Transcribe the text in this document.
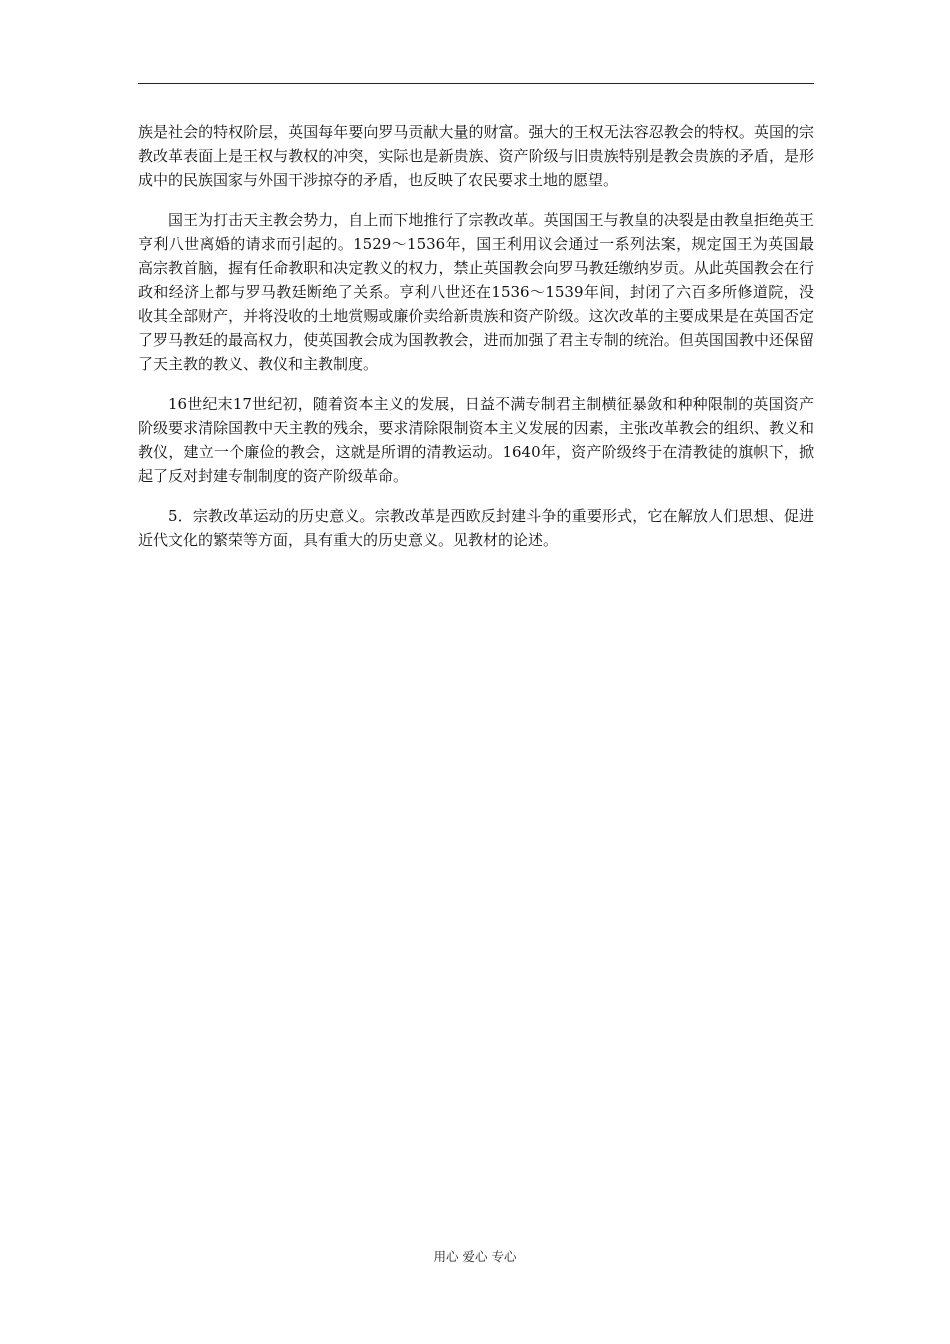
族是社会的特权阶层，英国每年要向罗马贡献大量的财富。强大的王权无法容忍教会的特权。英国的宗教改革表面上是王权与教权的冲突，实际也是新贵族、资产阶级与旧贵族特别是教会贵族的矛盾，是形成中的民族国家与外国干涉掠夺的矛盾，也反映了农民要求土地的愿望。

国王为打击天主教会势力，自上而下地推行了宗教改革。英国国王与教皇的决裂是由教皇拒绝英王亨利八世离婚的请求而引起的。1529～1536年，国王利用议会通过一系列法案，规定国王为英国最高宗教首脑，握有任命教职和决定教义的权力，禁止英国教会向罗马教廷缴纳岁贡。从此英国教会在行政和经济上都与罗马教廷断绝了关系。亨利八世还在1536～1539年间，封闭了六百多所修道院，没收其全部财产，并将没收的土地赏赐或廉价卖给新贵族和资产阶级。这次改革的主要成果是在英国否定了罗马教廷的最高权力，使英国教会成为国教教会，进而加强了君主专制的统治。但英国国教中还保留了天主教的教义、教仪和主教制度。

16世纪末17世纪初，随着资本主义的发展，日益不满专制君主制横征暴敛和种种限制的英国资产阶级要求清除国教中天主教的残余，要求清除限制资本主义发展的因素，主张改革教会的组织、教义和教仪，建立一个廉俭的教会，这就是所谓的清教运动。1640年，资产阶级终于在清教徒的旗帜下，掀起了反对封建专制制度的资产阶级革命。

5．宗教改革运动的历史意义。宗教改革是西欧反封建斗争的重要形式，它在解放人们思想、促进近代文化的繁荣等方面，具有重大的历史意义。见教材的论述。

用心 爱心 专心
